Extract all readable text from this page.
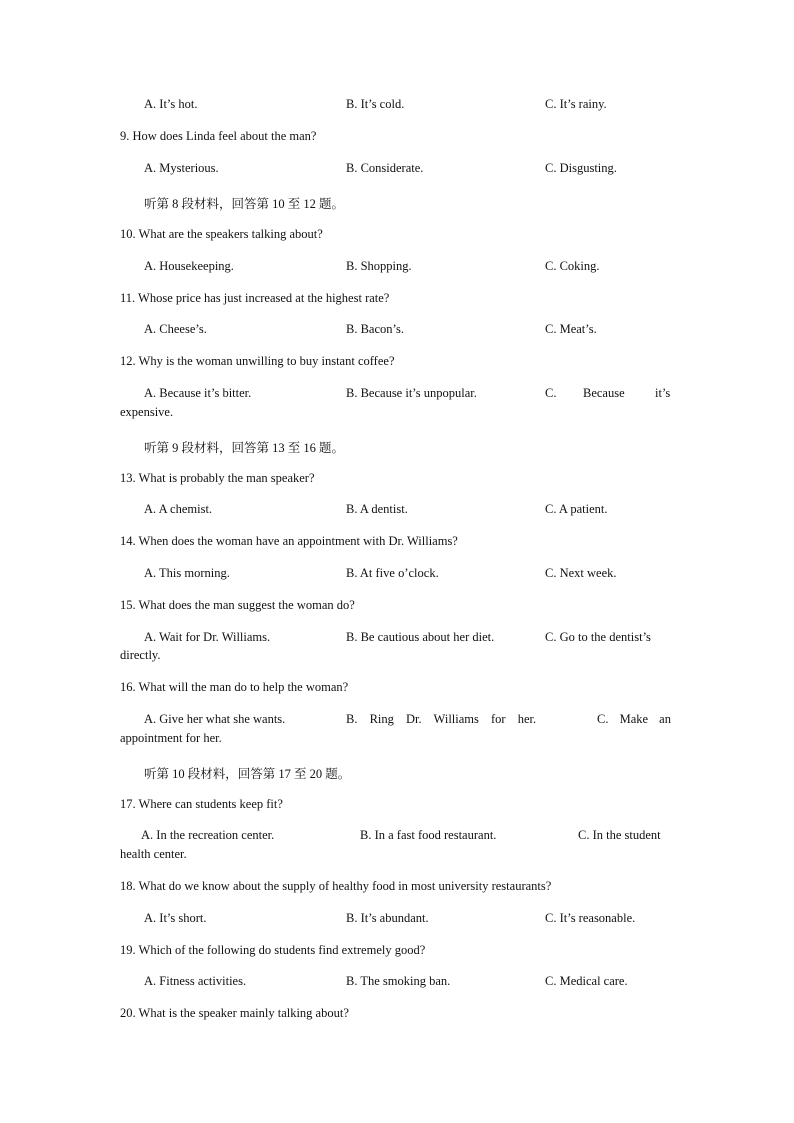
A. It’s hot.	B. It’s cold.	C. It’s rainy.
9. How does Linda feel about the man?
A. Mysterious.	B. Considerate.	C. Disgusting.
听第 8 段材料，回答第 10 至 12 题。
10. What are the speakers talking about?
A. Housekeeping.	B. Shopping.	C. Coking.
11. Whose price has just increased at the highest rate?
A. Cheese’s.	B. Bacon’s.	C. Meat’s.
12. Why is the woman unwilling to buy instant coffee?
A. Because it’s bitter.	B. Because it’s unpopular.	C. Because it’s
expensive.
听第 9 段材料，回答第 13 至 16 题。
13. What is probably the man speaker?
A. A chemist.	B. A dentist.	C. A patient.
14. When does the woman have an appointment with Dr. Williams?
A. This morning.	B. At five o’clock.	C. Next week.
15. What does the man suggest the woman do?
A. Wait for Dr. Williams.	B. Be cautious about her diet.	C. Go to the dentist’s
directly.
16. What will the man do to help the woman?
A. Give her what she wants.	B. Ring Dr. Williams for her.	C. Make an
appointment for her.
听第 10 段材料，回答第 17 至 20 题。
17. Where can students keep fit?
A. In the recreation center.	B. In a fast food restaurant.	C. In the student
health center.
18. What do we know about the supply of healthy food in most university restaurants?
A. It’s short.	B. It’s abundant.	C. It’s reasonable.
19. Which of the following do students find extremely good?
A. Fitness activities.	B. The smoking ban.	C. Medical care.
20. What is the speaker mainly talking about?
